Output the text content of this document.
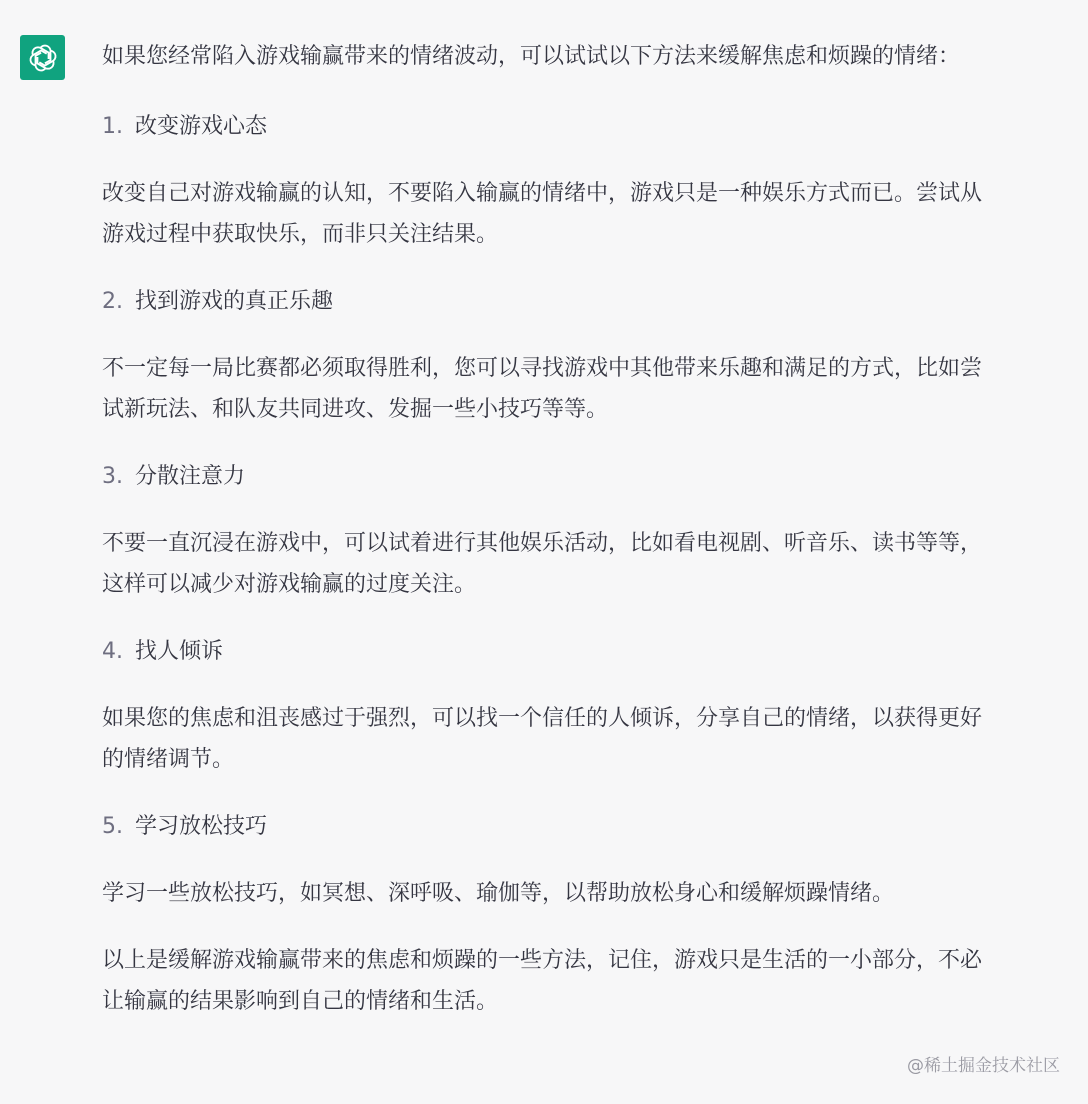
如果您经常陷入游戏输赢带来的情绪波动，可以试试以下方法来缓解焦虑和烦躁的情绪：

1. 改变游戏心态

改变自己对游戏输赢的认知，不要陷入输赢的情绪中，游戏只是一种娱乐方式而已。尝试从

游戏过程中获取快乐，而非只关注结果。

2. 找到游戏的真正乐趣

不一定每一局比赛都必须取得胜利，您可以寻找游戏中其他带来乐趣和满足的方式，比如尝

试新玩法、和队友共同进攻、发掘一些小技巧等等。

3. 分散注意力

不要一直沉浸在游戏中，可以试着进行其他娱乐活动，比如看电视剧、听音乐、读书等等，

这样可以减少对游戏输赢的过度关注。

4. 找人倾诉

如果您的焦虑和沮丧感过于强烈，可以找一个信任的人倾诉，分享自己的情绪，以获得更好

的情绪调节。

5. 学习放松技巧

学习一些放松技巧，如冥想、深呼吸、瑜伽等，以帮助放松身心和缓解烦躁情绪。

以上是缓解游戏输赢带来的焦虑和烦躁的一些方法，记住，游戏只是生活的一小部分，不必

让输赢的结果影响到自己的情绪和生活。

@稀土掘金技术社区
